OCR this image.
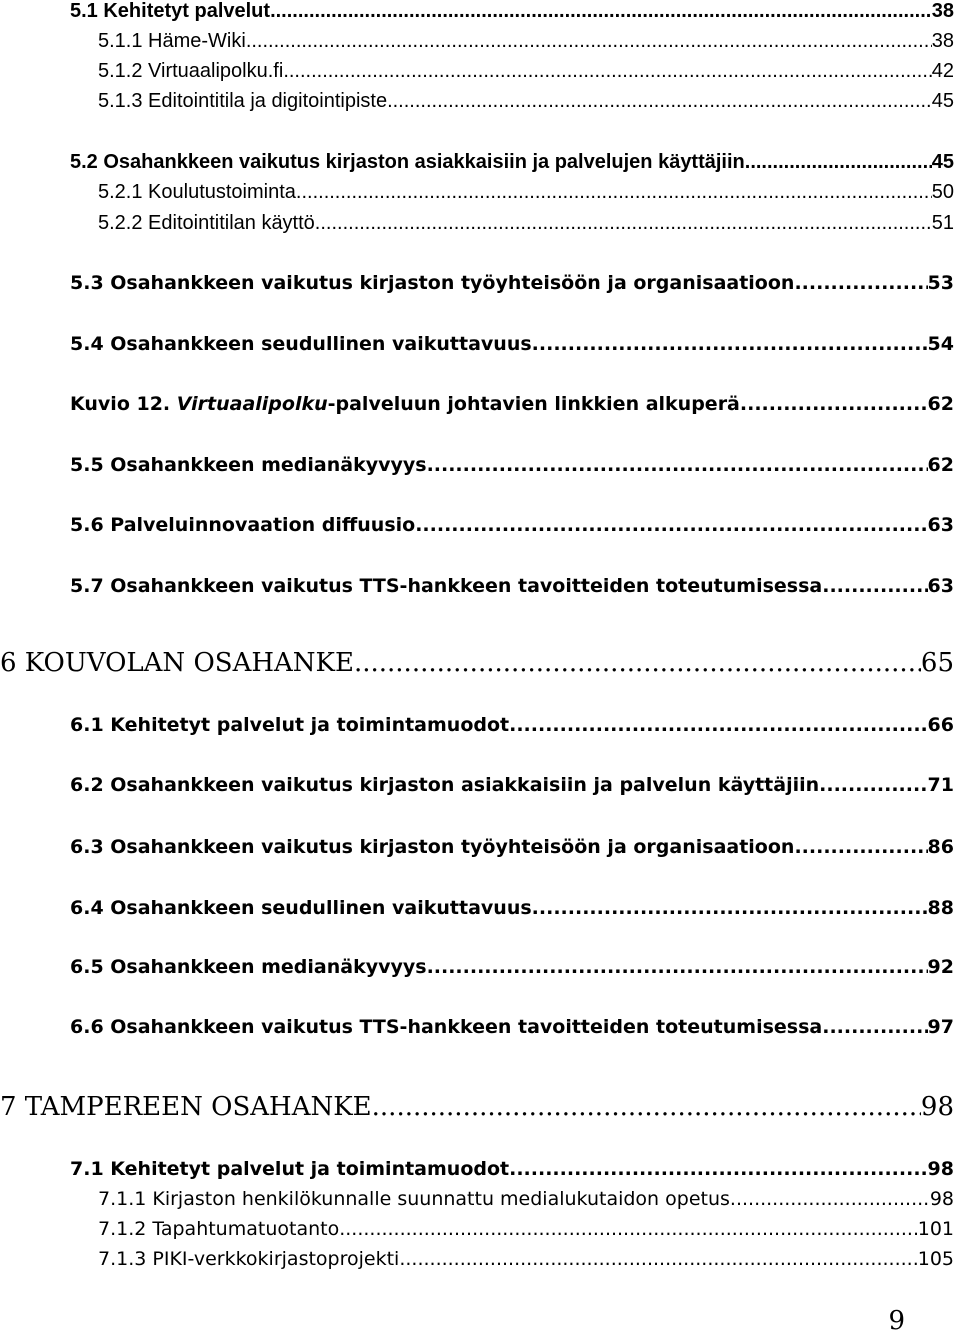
5.1 Kehitetyt palvelut .....	38
5.1.1 Häme-Wiki .....	38
5.1.2 Virtuaalipolku.fi .....	42
5.1.3 Editointitila ja digitointipiste .....	45
5.2 Osahankkeen vaikutus kirjaston asiakkaisiin ja palvelujen käyttäjiin .....	45
5.2.1 Koulutustoiminta .....	50
5.2.2 Editointitilan käyttö .....	51
5.3 Osahankkeen vaikutus kirjaston työyhteisöön ja organisaatioon .....	53
5.4 Osahankkeen seudullinen vaikuttavuus .....	54
Kuvio 12. Virtuaalipolku-palveluun johtavien linkkien alkuperä. .....	62
5.5 Osahankkeen medianäkyvyys .....	62
5.6 Palveluinnovaation diffuusio .....	63
5.7 Osahankkeen vaikutus TTS-hankkeen tavoitteiden toteutumisessa .....	63
6 KOUVOLAN OSAHANKE .....	65
6.1 Kehitetyt palvelut ja toimintamuodot .....	66
6.2 Osahankkeen vaikutus kirjaston asiakkaisiin ja palvelun käyttäjiin .....	71
6.3 Osahankkeen vaikutus kirjaston työyhteisöön ja organisaatioon .....	86
6.4 Osahankkeen seudullinen vaikuttavuus .....	88
6.5 Osahankkeen medianäkyvyys .....	92
6.6 Osahankkeen vaikutus TTS-hankkeen tavoitteiden toteutumisessa .....	97
7 TAMPEREEN OSAHANKE .....	98
7.1 Kehitetyt palvelut ja toimintamuodot .....	98
7.1.1 Kirjaston henkilökunnalle suunnattu medialukutaidon opetus .....	98
7.1.2 Tapahtumatuotanto .....	101
7.1.3 PIKI-verkkokirjastoprojekti .....	105
9
